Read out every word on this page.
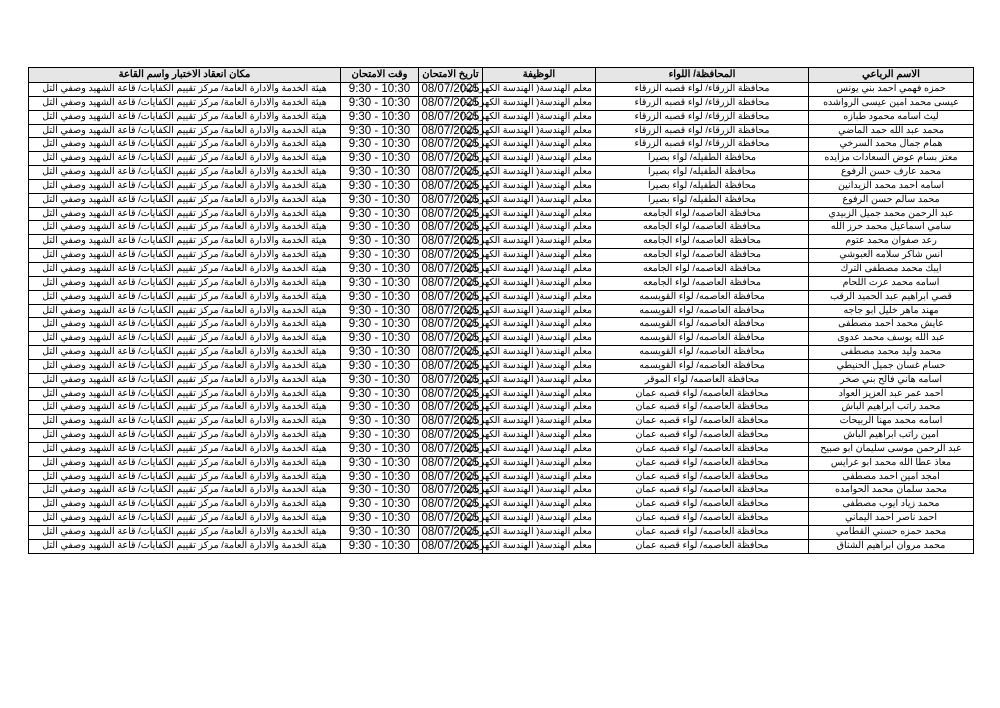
الاسم الرباعي	المحافظة/ اللواء	الوظيفة	تاريخ الامتحان	وقت الامتحان	مكان انعقاد الاختبار واسم القاعة
حمزه فهمي احمد بني يونس	محافظة الزرقاء/ لواء قصبه الزرقاء	معلم الهندسة( الهندسة الكهربائية)	08/07/2025	9:30 - 10:30	هيئة الخدمة والادارة العامة/ مركز تقييم الكفايات/ قاعة الشهيد وصفي التل
عيسى محمد امين عيسى الرواشده	محافظة الزرقاء/ لواء قصبه الزرقاء	معلم الهندسة( الهندسة الكهربائية)	08/07/2025	9:30 - 10:30	هيئة الخدمة والادارة العامة/ مركز تقييم الكفايات/ قاعة الشهيد وصفي التل
ليث اسامه محمود طبازه	محافظة الزرقاء/ لواء قصبه الزرقاء	معلم الهندسة( الهندسة الكهربائية)	08/07/2025	9:30 - 10:30	هيئة الخدمة والادارة العامة/ مركز تقييم الكفايات/ قاعة الشهيد وصفي التل
محمد عبد الله حمد الماضي	محافظة الزرقاء/ لواء قصبه الزرقاء	معلم الهندسة( الهندسة الكهربائية)	08/07/2025	9:30 - 10:30	هيئة الخدمة والادارة العامة/ مركز تقييم الكفايات/ قاعة الشهيد وصفي التل
همام جمال محمد السرخي	محافظة الزرقاء/ لواء قصبه الزرقاء	معلم الهندسة( الهندسة الكهربائية)	08/07/2025	9:30 - 10:30	هيئة الخدمة والادارة العامة/ مركز تقييم الكفايات/ قاعة الشهيد وصفي التل
معتز بسام عوض السعادات مزايده	محافظة الطفيله/ لواء بصيرا	معلم الهندسة( الهندسة الكهربائية)	08/07/2025	9:30 - 10:30	هيئة الخدمة والادارة العامة/ مركز تقييم الكفايات/ قاعة الشهيد وصفي التل
محمد عارف حسن الرفوع	محافظة الطفيله/ لواء بصيرا	معلم الهندسة( الهندسة الكهربائية)	08/07/2025	9:30 - 10:30	هيئة الخدمة والادارة العامة/ مركز تقييم الكفايات/ قاعة الشهيد وصفي التل
اسامه احمد محمد الزيدانين	محافظة الطفيله/ لواء بصيرا	معلم الهندسة( الهندسة الكهربائية)	08/07/2025	9:30 - 10:30	هيئة الخدمة والادارة العامة/ مركز تقييم الكفايات/ قاعة الشهيد وصفي التل
محمد سالم حسن الرفوع	محافظة الطفيله/ لواء بصيرا	معلم الهندسة( الهندسة الكهربائية)	08/07/2025	9:30 - 10:30	هيئة الخدمة والادارة العامة/ مركز تقييم الكفايات/ قاعة الشهيد وصفي التل
عبد الرحمن محمد جميل الزبيدي	محافظة العاصمه/ لواء الجامعه	معلم الهندسة( الهندسة الكهربائية)	08/07/2025	9:30 - 10:30	هيئة الخدمة والادارة العامة/ مركز تقييم الكفايات/ قاعة الشهيد وصفي التل
سامي اسماعيل محمد حرز الله	محافظة العاصمه/ لواء الجامعه	معلم الهندسة( الهندسة الكهربائية)	08/07/2025	9:30 - 10:30	هيئة الخدمة والادارة العامة/ مركز تقييم الكفايات/ قاعة الشهيد وصفي التل
رعد صفوان محمد عتوم	محافظة العاصمه/ لواء الجامعه	معلم الهندسة( الهندسة الكهربائية)	08/07/2025	9:30 - 10:30	هيئة الخدمة والادارة العامة/ مركز تقييم الكفايات/ قاعة الشهيد وصفي التل
انس شاكر سلامه العبوشي	محافظة العاصمه/ لواء الجامعه	معلم الهندسة( الهندسة الكهربائية)	08/07/2025	9:30 - 10:30	هيئة الخدمة والادارة العامة/ مركز تقييم الكفايات/ قاعة الشهيد وصفي التل
ايبك محمد مصطفى الترك	محافظة العاصمه/ لواء الجامعه	معلم الهندسة( الهندسة الكهربائية)	08/07/2025	9:30 - 10:30	هيئة الخدمة والادارة العامة/ مركز تقييم الكفايات/ قاعة الشهيد وصفي التل
اسامه محمد عزت اللحام	محافظة العاصمه/ لواء الجامعه	معلم الهندسة( الهندسة الكهربائية)	08/07/2025	9:30 - 10:30	هيئة الخدمة والادارة العامة/ مركز تقييم الكفايات/ قاعة الشهيد وصفي التل
قصي ابراهيم عبد الحميد الرقب	محافظة العاصمه/ لواء القويسمه	معلم الهندسة( الهندسة الكهربائية)	08/07/2025	9:30 - 10:30	هيئة الخدمة والادارة العامة/ مركز تقييم الكفايات/ قاعة الشهيد وصفي التل
مهند ماهر خليل ابو جاجه	محافظة العاصمه/ لواء القويسمه	معلم الهندسة( الهندسة الكهربائية)	08/07/2025	9:30 - 10:30	هيئة الخدمة والادارة العامة/ مركز تقييم الكفايات/ قاعة الشهيد وصفي التل
عايش محمد احمد مصطفى	محافظة العاصمه/ لواء القويسمه	معلم الهندسة( الهندسة الكهربائية)	08/07/2025	9:30 - 10:30	هيئة الخدمة والادارة العامة/ مركز تقييم الكفايات/ قاعة الشهيد وصفي التل
عبد الله يوسف محمد عدوى	محافظة العاصمه/ لواء القويسمه	معلم الهندسة( الهندسة الكهربائية)	08/07/2025	9:30 - 10:30	هيئة الخدمة والادارة العامة/ مركز تقييم الكفايات/ قاعة الشهيد وصفي التل
محمد وليد محمد مصطفى	محافظة العاصمه/ لواء القويسمه	معلم الهندسة( الهندسة الكهربائية)	08/07/2025	9:30 - 10:30	هيئة الخدمة والادارة العامة/ مركز تقييم الكفايات/ قاعة الشهيد وصفي التل
حسام غسان جميل الحنيطي	محافظة العاصمه/ لواء القويسمه	معلم الهندسة( الهندسة الكهربائية)	08/07/2025	9:30 - 10:30	هيئة الخدمة والادارة العامة/ مركز تقييم الكفايات/ قاعة الشهيد وصفي التل
اسامه هاني فالح بني صخر	محافظة العاصمه/ لواء الموقر	معلم الهندسة( الهندسة الكهربائية)	08/07/2025	9:30 - 10:30	هيئة الخدمة والادارة العامة/ مركز تقييم الكفايات/ قاعة الشهيد وصفي التل
احمد عمر عبد العزيز العواد	محافظة العاصمه/ لواء قصبه عمان	معلم الهندسة( الهندسة الكهربائية)	08/07/2025	9:30 - 10:30	هيئة الخدمة والادارة العامة/ مركز تقييم الكفايات/ قاعة الشهيد وصفي التل
محمد راتب ابراهيم الباش	محافظة العاصمه/ لواء قصبه عمان	معلم الهندسة( الهندسة الكهربائية)	08/07/2025	9:30 - 10:30	هيئة الخدمة والادارة العامة/ مركز تقييم الكفايات/ قاعة الشهيد وصفي التل
اسامه محمد مهنا الربيحات	محافظة العاصمه/ لواء قصبه عمان	معلم الهندسة( الهندسة الكهربائية)	08/07/2025	9:30 - 10:30	هيئة الخدمة والادارة العامة/ مركز تقييم الكفايات/ قاعة الشهيد وصفي التل
امين راتب ابراهيم الباش	محافظة العاصمه/ لواء قصبه عمان	معلم الهندسة( الهندسة الكهربائية)	08/07/2025	9:30 - 10:30	هيئة الخدمة والادارة العامة/ مركز تقييم الكفايات/ قاعة الشهيد وصفي التل
عبد الرحمن موسى سليمان ابو صبيح	محافظة العاصمه/ لواء قصبه عمان	معلم الهندسة( الهندسة الكهربائية)	08/07/2025	9:30 - 10:30	هيئة الخدمة والادارة العامة/ مركز تقييم الكفايات/ قاعة الشهيد وصفي التل
معاذ عطا الله محمد ابو عرايس	محافظة العاصمه/ لواء قصبه عمان	معلم الهندسة( الهندسة الكهربائية)	08/07/2025	9:30 - 10:30	هيئة الخدمة والادارة العامة/ مركز تقييم الكفايات/ قاعة الشهيد وصفي التل
امجد امين احمد مصطفى	محافظة العاصمه/ لواء قصبه عمان	معلم الهندسة( الهندسة الكهربائية)	08/07/2025	9:30 - 10:30	هيئة الخدمة والادارة العامة/ مركز تقييم الكفايات/ قاعة الشهيد وصفي التل
محمد سلمان محمد الحوامده	محافظة العاصمه/ لواء قصبه عمان	معلم الهندسة( الهندسة الكهربائية)	08/07/2025	9:30 - 10:30	هيئة الخدمة والادارة العامة/ مركز تقييم الكفايات/ قاعة الشهيد وصفي التل
محمد زياد ايوب مصطفى	محافظة العاصمه/ لواء قصبه عمان	معلم الهندسة( الهندسة الكهربائية)	08/07/2025	9:30 - 10:30	هيئة الخدمة والادارة العامة/ مركز تقييم الكفايات/ قاعة الشهيد وصفي التل
احمد ناصر احمد اليماني	محافظة العاصمه/ لواء قصبه عمان	معلم الهندسة( الهندسة الكهربائية)	08/07/2025	9:30 - 10:30	هيئة الخدمة والادارة العامة/ مركز تقييم الكفايات/ قاعة الشهيد وصفي التل
محمد حمزه حسني القطامي	محافظة العاصمه/ لواء قصبه عمان	معلم الهندسة( الهندسة الكهربائية)	08/07/2025	9:30 - 10:30	هيئة الخدمة والادارة العامة/ مركز تقييم الكفايات/ قاعة الشهيد وصفي التل
محمد مروان ابراهيم الشناق	محافظة العاصمه/ لواء قصبه عمان	معلم الهندسة( الهندسة الكهربائية)	08/07/2025	9:30 - 10:30	هيئة الخدمة والادارة العامة/ مركز تقييم الكفايات/ قاعة الشهيد وصفي التل
